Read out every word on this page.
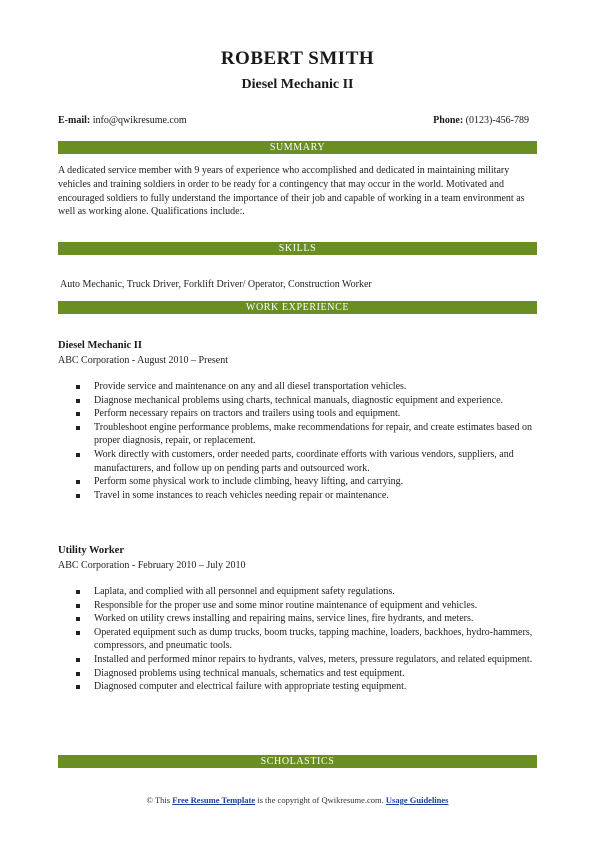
ROBERT SMITH
Diesel Mechanic II
E-mail: info@qwikresume.com	Phone: (0123)-456-789
SUMMARY
A dedicated service member with 9 years of experience who accomplished and dedicated in maintaining military vehicles and training soldiers in order to be ready for a contingency that may occur in the world. Motivated and encouraged soldiers to fully understand the importance of their job and capable of working in a team environment as well as working alone. Qualifications include:.
SKILLS
Auto Mechanic, Truck Driver, Forklift Driver/ Operator, Construction Worker
WORK EXPERIENCE
Diesel Mechanic II
ABC Corporation - August 2010 – Present
Provide service and maintenance on any and all diesel transportation vehicles.
Diagnose mechanical problems using charts, technical manuals, diagnostic equipment and experience.
Perform necessary repairs on tractors and trailers using tools and equipment.
Troubleshoot engine performance problems, make recommendations for repair, and create estimates based on proper diagnosis, repair, or replacement.
Work directly with customers, order needed parts, coordinate efforts with various vendors, suppliers, and manufacturers, and follow up on pending parts and outsourced work.
Perform some physical work to include climbing, heavy lifting, and carrying.
Travel in some instances to reach vehicles needing repair or maintenance.
Utility Worker
ABC Corporation - February 2010 – July 2010
Laplata, and complied with all personnel and equipment safety regulations.
Responsible for the proper use and some minor routine maintenance of equipment and vehicles.
Worked on utility crews installing and repairing mains, service lines, fire hydrants, and meters.
Operated equipment such as dump trucks, boom trucks, tapping machine, loaders, backhoes, hydro-hammers, compressors, and pneumatic tools.
Installed and performed minor repairs to hydrants, valves, meters, pressure regulators, and related equipment.
Diagnosed problems using technical manuals, schematics and test equipment.
Diagnosed computer and electrical failure with appropriate testing equipment.
SCHOLASTICS
© This Free Resume Template is the copyright of Qwikresume.com. Usage Guidelines
